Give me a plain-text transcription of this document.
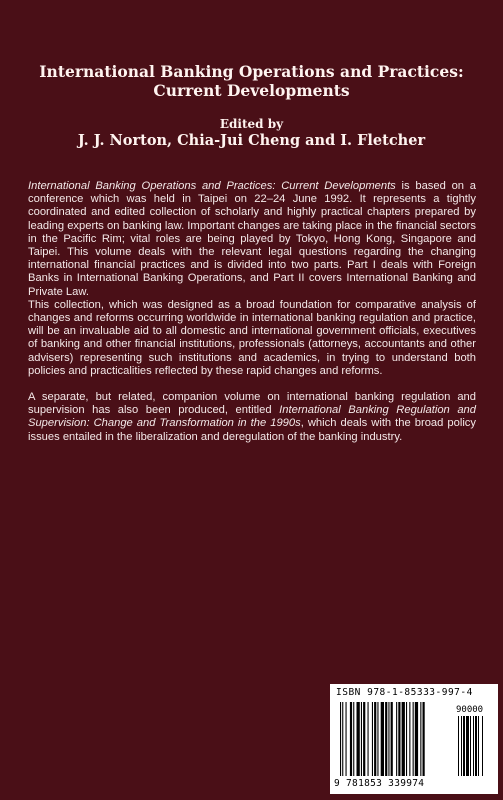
International Banking Operations and Practices:
Current Developments
Edited by
J. J. Norton, Chia-Jui Cheng and I. Fletcher

International Banking Operations and Practices: Current Developments is based on a conference which was held in Taipei on 22–24 June 1992. It represents a tightly coordinated and edited collection of scholarly and highly practical chapters prepared by leading experts on banking law. Important changes are taking place in the financial sectors in the Pacific Rim; vital roles are being played by Tokyo, Hong Kong, Singapore and Taipei. This volume deals with the relevant legal questions regarding the changing international financial practices and is divided into two parts. Part I deals with Foreign Banks in International Banking Operations, and Part II covers International Banking and Private Law.

This collection, which was designed as a broad foundation for comparative analysis of changes and reforms occurring worldwide in international banking regulation and practice, will be an invaluable aid to all domestic and international government officials, executives of banking and other financial institutions, professionals (attorneys, accountants and other advisers) representing such institutions and academics, in trying to understand both policies and practicalities reflected by these rapid changes and reforms.

A separate, but related, companion volume on international banking regulation and supervision has also been produced, entitled International Banking Regulation and Supervision: Change and Transformation in the 1990s, which deals with the broad policy issues entailed in the liberalization and deregulation of the banking industry.

ISBN 978-1-85333-997-4
90000
9 781853 339974
